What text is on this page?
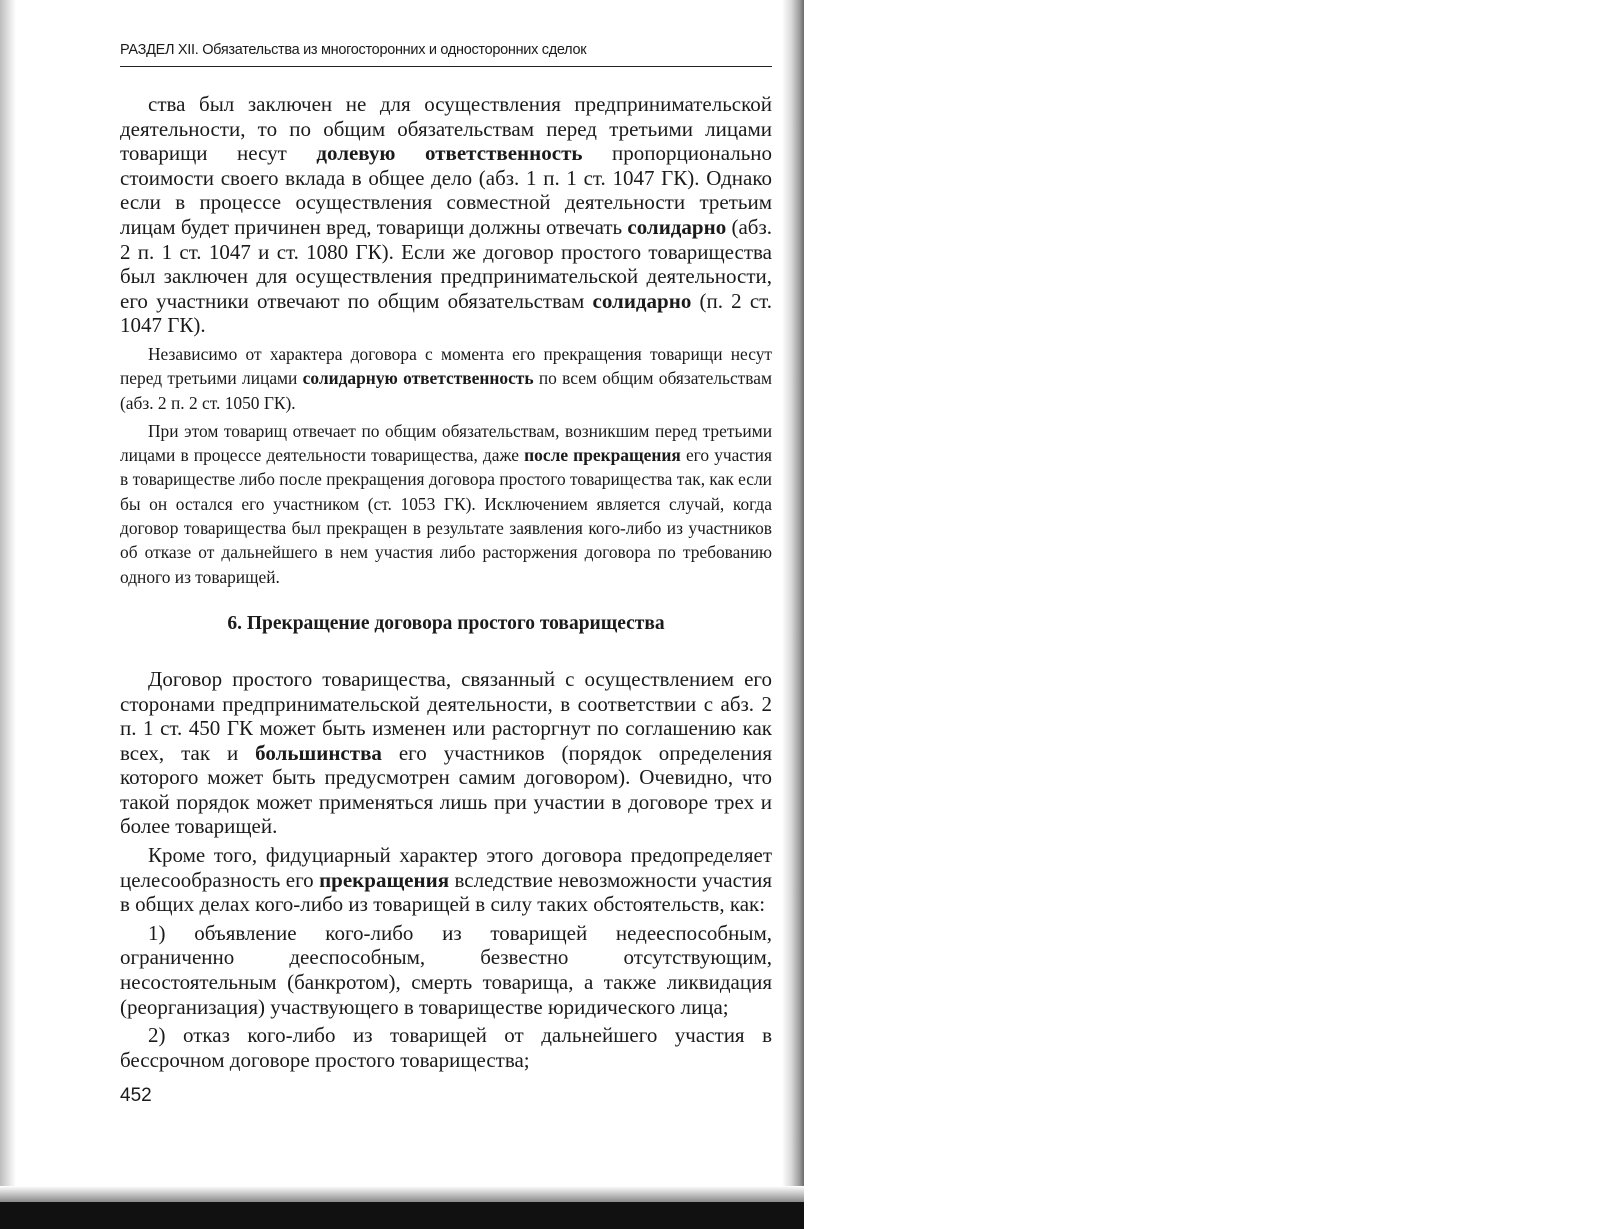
РАЗДЕЛ XII. Обязательства из многосторонних и односторонних сделок

ства был заключен не для осуществления предпринимательской деятельности, то по общим обязательствам перед третьими лицами товарищи несут долевую ответственность пропорционально стоимости своего вклада в общее дело (абз. 1 п. 1 ст. 1047 ГК). Однако если в процессе осуществления совместной деятельности третьим лицам будет причинен вред, товарищи должны отвечать солидарно (абз. 2 п. 1 ст. 1047 и ст. 1080 ГК). Если же договор простого товарищества был заключен для осуществления предпринимательской деятельности, его участники отвечают по общим обязательствам солидарно (п. 2 ст. 1047 ГК).

Независимо от характера договора с момента его прекращения товарищи несут перед третьими лицами солидарную ответственность по всем общим обязательствам (абз. 2 п. 2 ст. 1050 ГК).

При этом товарищ отвечает по общим обязательствам, возникшим перед третьими лицами в процессе деятельности товарищества, даже после прекращения его участия в товариществе либо после прекращения договора простого товарищества так, как если бы он остался его участником (ст. 1053 ГК). Исключением является случай, когда договор товарищества был прекращен в результате заявления кого-либо из участников об отказе от дальнейшего в нем участия либо расторжения договора по требованию одного из товарищей.

6. Прекращение договора простого товарищества

Договор простого товарищества, связанный с осуществлением его сторонами предпринимательской деятельности, в соответствии с абз. 2 п. 1 ст. 450 ГК может быть изменен или расторгнут по соглашению как всех, так и большинства его участников (порядок определения которого может быть предусмотрен самим договором). Очевидно, что такой порядок может применяться лишь при участии в договоре трех и более товарищей.

Кроме того, фидуциарный характер этого договора предопределяет целесообразность его прекращения вследствие невозможности участия в общих делах кого-либо из товарищей в силу таких обстоятельств, как:

1) объявление кого-либо из товарищей недееспособным, ограниченно дееспособным, безвестно отсутствующим, несостоятельным (банкротом), смерть товарища, а также ликвидация (реорганизация) участвующего в товариществе юридического лица;

2) отказ кого-либо из товарищей от дальнейшего участия в бессрочном договоре простого товарищества;

452
